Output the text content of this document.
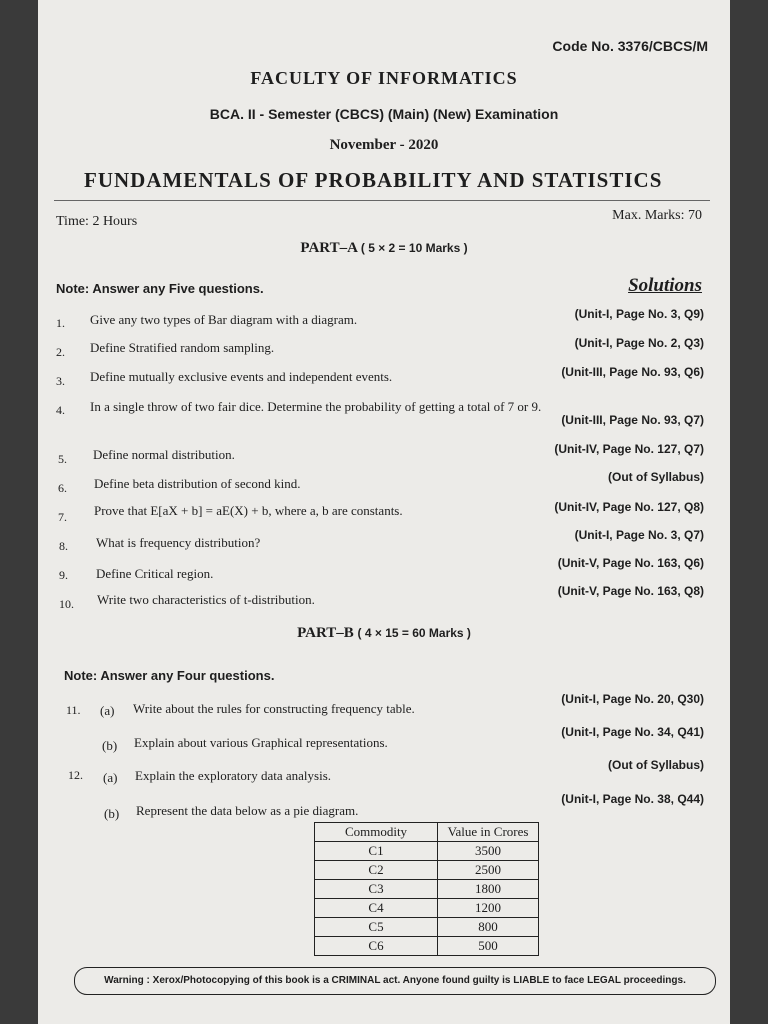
Code No. 3376/CBCS/M
FACULTY OF INFORMATICS
BCA. II - Semester (CBCS) (Main) (New) Examination
November - 2020
FUNDAMENTALS OF PROBABILITY AND STATISTICS
Time: 2 Hours	Max. Marks: 70
PART–A ( 5 × 2 = 10 Marks )
Note: Answer any Five questions.	Solutions
1.	Give any two types of Bar diagram with a diagram.	(Unit-I, Page No. 3, Q9)
2.	Define Stratified random sampling.	(Unit-I, Page No. 2, Q3)
3.	Define mutually exclusive events and independent events.	(Unit-III, Page No. 93, Q6)
4.	In a single throw of two fair dice. Determine the probability of getting a total of 7 or 9.
(Unit-III, Page No. 93, Q7)
5.	Define normal distribution.	(Unit-IV, Page No. 127, Q7)
6.	Define beta distribution of second kind.	(Out of Syllabus)
7.	Prove that E[aX + b] = aE(X) + b, where a, b are constants.	(Unit-IV, Page No. 127, Q8)
8.	What is frequency distribution?	(Unit-I, Page No. 3, Q7)
9.	Define Critical region.
(Unit-V, Page No. 163, Q6)
10.	Write two characteristics of t-distribution.
(Unit-V, Page No. 163, Q8)
PART–B ( 4 × 15 = 60 Marks )
Note: Answer any Four questions.
11.	(a) Write about the rules for constructing frequency table.
(Unit-I, Page No. 20, Q30)
(b) Explain about various Graphical representations.
(Unit-I, Page No. 34, Q41)
12.	(a) Explain the exploratory data analysis.
(Out of Syllabus)
(b) Represent the data below as a pie diagram.
(Unit-I, Page No. 38, Q44)
Commodity	Value in Crores
C1	3500
C2	2500
C3	1800
C4	1200
C5	800
C6	500
Warning : Xerox/Photocopying of this book is a CRIMINAL act. Anyone found guilty is LIABLE to face LEGAL proceedings.
